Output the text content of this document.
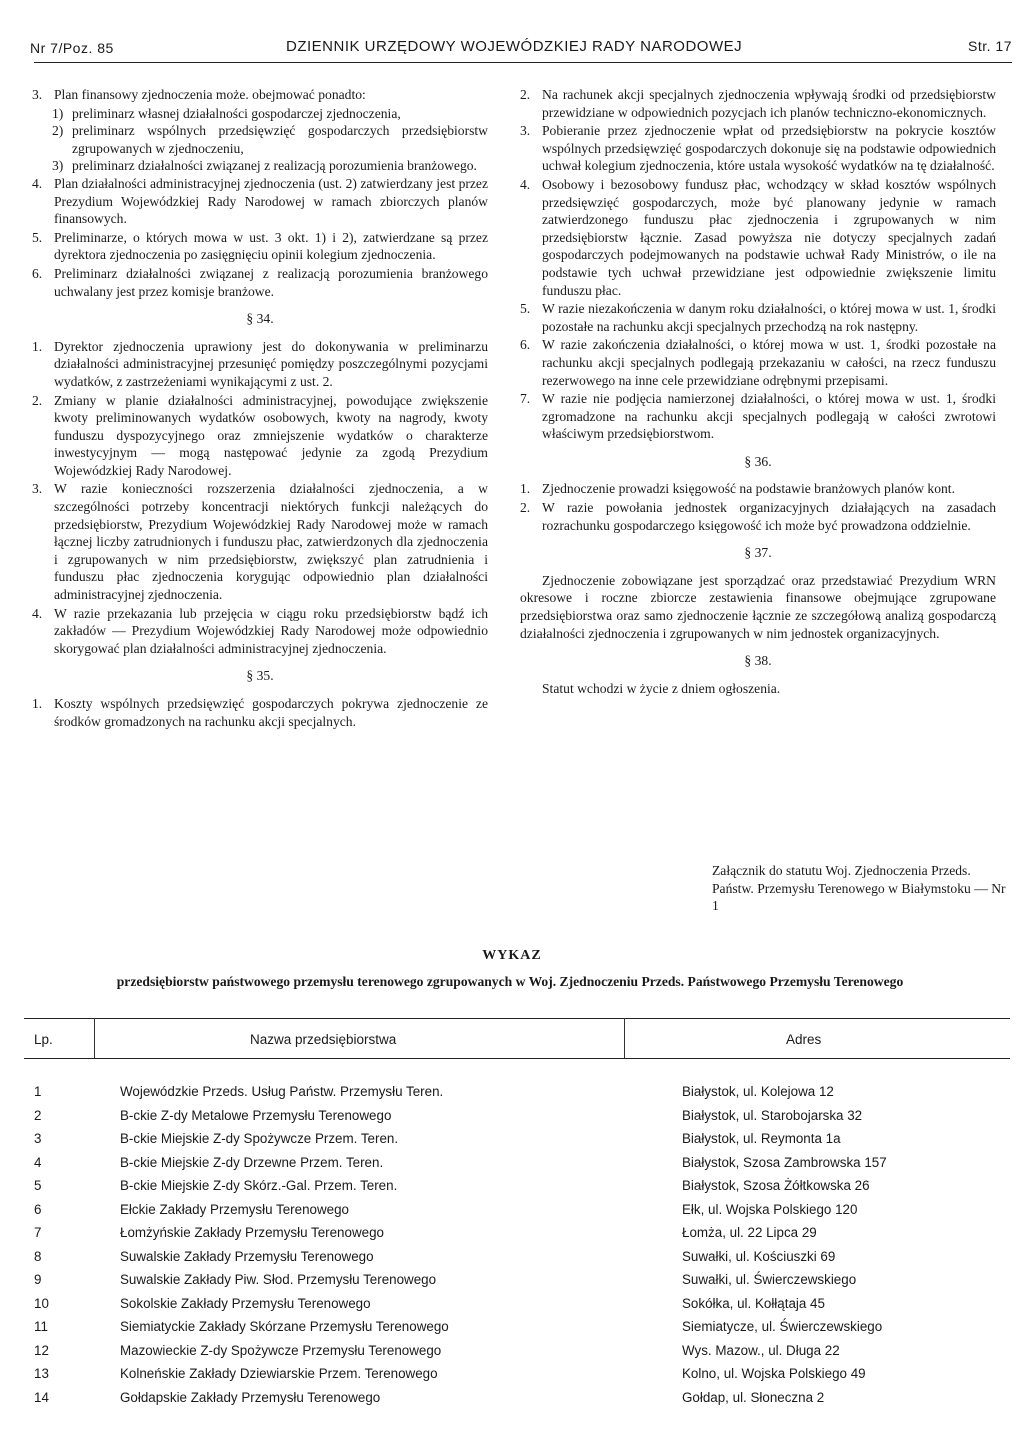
Nr 7/Poz. 85	DZIENNIK URZĘDOWY WOJEWÓDZKIEJ RADY NARODOWEJ	Str. 17
3. Plan finansowy zjednoczenia może. obejmować ponadto:
1) preliminarz własnej działalności gospodarczej zjednoczenia,
2) preliminarz wspólnych przedsięwzięć gospodarczych przedsiębiorstw zgrupowanych w zjednoczeniu,
3) preliminarz działalności związanej z realizacją porozumienia branżowego.
4. Plan działalności administracyjnej zjednoczenia (ust. 2) zatwierdzany jest przez Prezydium Wojewódzkiej Rady Narodowej w ramach zbiorczych planów finansowych.
5. Preliminarze, o których mowa w ust. 3 okt. 1) i 2), zatwierdzane są przez dyrektora zjednoczenia po zasięgnięciu opinii kolegium zjednoczenia.
6. Preliminarz działalności związanej z realizacją porozumienia branżowego uchwalany jest przez komisje branżowe.
§ 34.
1. Dyrektor zjednoczenia uprawiony jest do dokonywania w preliminarzu działalności administracyjnej przesunięć pomiędzy poszczególnymi pozycjami wydatków, z zastrzeżeniami wynikającymi z ust. 2.
2. Zmiany w planie działalności administracyjnej, powodujące zwiększenie kwoty preliminowanych wydatków osobowych, kwoty na nagrody, kwoty funduszu dyspozycyjnego oraz zmniejszenie wydatków o charakterze inwestycyjnym — mogą następować jedynie za zgodą Prezydium Wojewódzkiej Rady Narodowej.
3. W razie konieczności rozszerzenia działalności zjednoczenia, a w szczególności potrzeby koncentracji niektórych funkcji należących do przedsiębiorstw, Prezydium Wojewódzkiej Rady Narodowej może w ramach łącznej liczby zatrudnionych i funduszu płac, zatwierdzonych dla zjednoczenia i zgrupowanych w nim przedsiębiorstw, zwiększyć plan zatrudnienia i funduszu płac zjednoczenia korygując odpowiednio plan działalności administracyjnej zjednoczenia.
4. W razie przekazania lub przejęcia w ciągu roku przedsiębiorstw bądź ich zakładów — Prezydium Wojewódzkiej Rady Narodowej może odpowiednio skorygować plan działalności administracyjnej zjednoczenia.
§ 35.
1. Koszty wspólnych przedsięwzięć gospodarczych pokrywa zjednoczenie ze środków gromadzonych na rachunku akcji specjalnych.
2. Na rachunek akcji specjalnych zjednoczenia wpływają środki od przedsiębiorstw przewidziane w odpowiednich pozycjach ich planów techniczno-ekonomicznych.
3. Pobieranie przez zjednoczenie wpłat od przedsiębiorstw na pokrycie kosztów wspólnych przedsięwzięć gospodarczych dokonuje się na podstawie odpowiednich uchwał kolegium zjednoczenia, które ustala wysokość wydatków na tę działalność.
4. Osobowy i bezosobowy fundusz płac, wchodzący w skład kosztów wspólnych przedsięwzięć gospodarczych, może być planowany jedynie w ramach zatwierdzonego funduszu płac zjednoczenia i zgrupowanych w nim przedsiębiorstw łącznie. Zasad powyższa nie dotyczy specjalnych zadań gospodarczych podejmowanych na podstawie uchwał Rady Ministrów, o ile na podstawie tych uchwał przewidziane jest odpowiednie zwiększenie limitu funduszu płac.
5. W razie niezakończenia w danym roku działalności, o której mowa w ust. 1, środki pozostałe na rachunku akcji specjalnych przechodzą na rok następny.
6. W razie zakończenia działalności, o której mowa w ust. 1, środki pozostałe na rachunku akcji specjalnych podlegają przekazaniu w całości, na rzecz funduszu rezerwowego na inne cele przewidziane odrębnymi przepisami.
7. W razie nie podjęcia namierzonej działalności, o której mowa w ust. 1, środki zgromadzone na rachunku akcji specjalnych podlegają w całości zwrotowi właściwym przedsiębiorstwom.
§ 36.
1. Zjednoczenie prowadzi księgowość na podstawie branżowych planów kont.
2. W razie powołania jednostek organizacyjnych działających na zasadach rozrachunku gospodarczego księgowość ich może być prowadzona oddzielnie.
§ 37.

Zjednoczenie zobowiązane jest sporządzać oraz przedstawiać Prezydium WRN okresowe i roczne zbiorcze zestawienia finansowe obejmujące zgrupowane przedsiębiorstwa oraz samo zjednoczenie łącznie ze szczegółową analizą gospodarczą działalności zjednoczenia i zgrupowanych w nim jednostek organizacyjnych.

§ 38.

Statut wchodzi w życie z dniem ogłoszenia.

Załącznik do statutu Woj. Zjednoczenia Przeds. Państw. Przemysłu Terenowego w Białymstoku — Nr 1
WYKAZ
przedsiębiorstw państwowego przemysłu terenowego zgrupowanych w Woj. Zjednoczeniu Przeds. Państwowego Przemysłu Terenowego
Lp.	Nazwa przedsiębiorstwa	Adres
1	Wojewódzkie Przeds. Usług Państw. Przemysłu Teren.	Białystok, ul. Kolejowa 12
2	B-ckie Z-dy Metalowe Przemysłu Terenowego	Białystok, ul. Starobojarska 32
3	B-ckie Miejskie Z-dy Spożywcze Przem. Teren.	Białystok, ul. Reymonta 1a
4	B-ckie Miejskie Z-dy Drzewne Przem. Teren.	Białystok, Szosa Zambrowska 157
5	B-ckie Miejskie Z-dy Skórz.-Gal. Przem. Teren.	Białystok, Szosa Żółtkowska 26
6	Ełckie Zakłady Przemysłu Terenowego	Ełk, ul. Wojska Polskiego 120
7	Łomżyńskie Zakłady Przemysłu Terenowego	Łomża, ul. 22 Lipca 29
8	Suwalskie Zakłady Przemysłu Terenowego	Suwałki, ul. Kościuszki 69
9	Suwalskie Zakłady Piw. Słod. Przemysłu Terenowego	Suwałki, ul. Świerczewskiego
10	Sokolskie Zakłady Przemysłu Terenowego	Sokółka, ul. Kołłątaja 45
11	Siemiatyckie Zakłady Skórzane Przemysłu Terenowego	Siemiatycze, ul. Świerczewskiego
12	Mazowieckie Z-dy Spożywcze Przemysłu Terenowego	Wys. Mazow., ul. Długa 22
13	Kolneńskie Zakłady Dziewiarskie Przem. Terenowego	Kolno, ul. Wojska Polskiego 49
14	Gołdapskie Zakłady Przemysłu Terenowego	Gołdap, ul. Słoneczna 2
